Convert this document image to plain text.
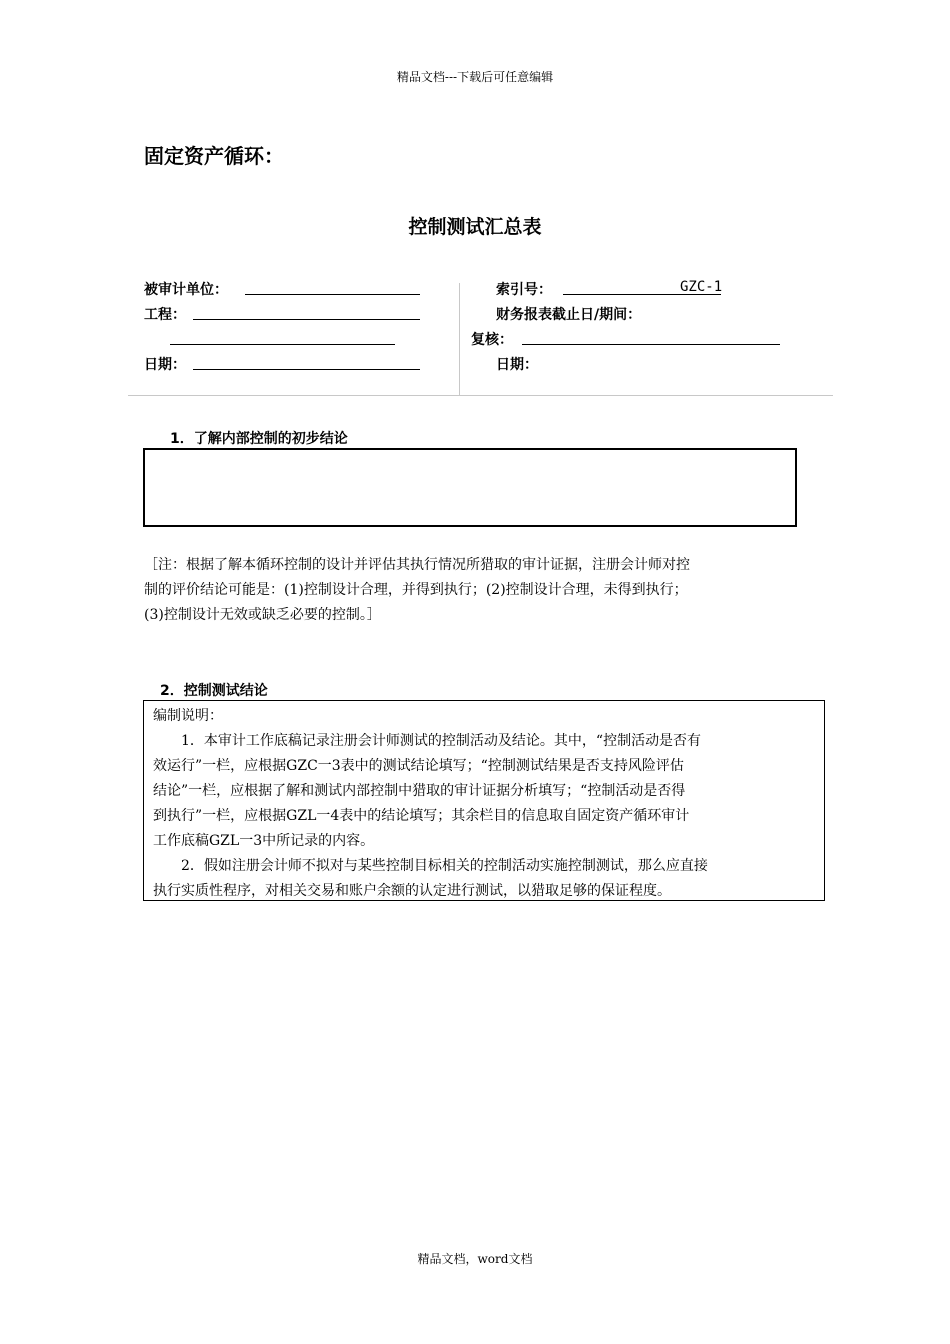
精品文档---下载后可任意编辑
固定资产循环：
控制测试汇总表
被审计单位：
工程：
日期：
索引号：	GZC-1
财务报表截止日/期间：
复核：
日期：
1．了解内部控制的初步结论

［注：根据了解本循环控制的设计并评估其执行情况所猎取的审计证据，注册会计师对控

制的评价结论可能是：(1)控制设计合理，并得到执行；(2)控制设计合理，未得到执行；

(3)控制设计无效或缺乏必要的控制。］

2．控制测试结论

编制说明：

1．本审计工作底稿记录注册会计师测试的控制活动及结论。其中，“控制活动是否有

效运行”一栏，应根据GZC一3表中的测试结论填写；“控制测试结果是否支持风险评估

结论”一栏，应根据了解和测试内部控制中猎取的审计证据分析填写；“控制活动是否得

到执行”一栏，应根据GZL一4表中的结论填写；其余栏目的信息取自固定资产循环审计

工作底稿GZL一3中所记录的内容。

2．假如注册会计师不拟对与某些控制目标相关的控制活动实施控制测试，那么应直接

执行实质性程序，对相关交易和账户余额的认定进行测试，以猎取足够的保证程度。

精品文档，word文档
